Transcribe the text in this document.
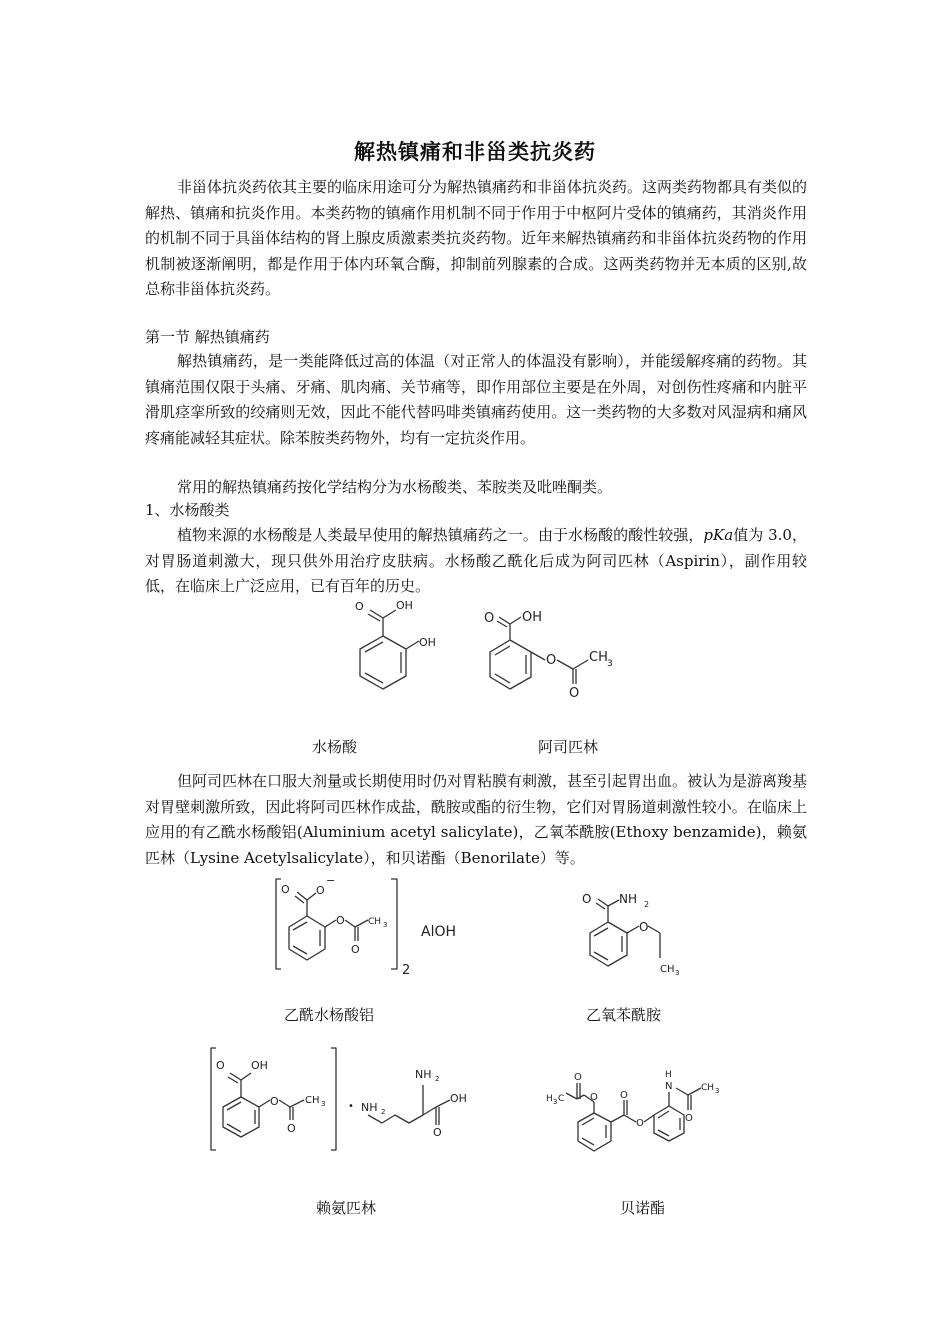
解热镇痛和非甾类抗炎药

非甾体抗炎药依其主要的临床用途可分为解热镇痛药和非甾体抗炎药。这两类药物都具有类似的解热、镇痛和抗炎作用。本类药物的镇痛作用机制不同于作用于中枢阿片受体的镇痛药，其消炎作用的机制不同于具甾体结构的肾上腺皮质激素类抗炎药物。近年来解热镇痛药和非甾体抗炎药物的作用机制被逐渐阐明，都是作用于体内环氧合酶，抑制前列腺素的合成。这两类药物并无本质的区别,故总称非甾体抗炎药。

第一节 解热镇痛药

解热镇痛药，是一类能降低过高的体温（对正常人的体温没有影响），并能缓解疼痛的药物。其镇痛范围仅限于头痛、牙痛、肌肉痛、关节痛等，即作用部位主要是在外周，对创伤性疼痛和内脏平滑肌痉挛所致的绞痛则无效，因此不能代替吗啡类镇痛药使用。这一类药物的大多数对风湿病和痛风疼痛能减轻其症状。除苯胺类药物外，均有一定抗炎作用。

常用的解热镇痛药按化学结构分为水杨酸类、苯胺类及吡唑酮类。
1、水杨酸类

植物来源的水杨酸是人类最早使用的解热镇痛药之一。由于水杨酸的酸性较强，pKa值为 3.0，对胃肠道刺激大，现只供外用治疗皮肤病。水杨酸乙酰化后成为阿司匹林（Aspirin），副作用较低，在临床上广泛应用，已有百年的历史。

O	OH
OH
O OH
O
O
CH 3
水杨酸	阿司匹林

但阿司匹林在口服大剂量或长期使用时仍对胃粘膜有刺激，甚至引起胃出血。被认为是游离羧基对胃壁刺激所致，因此将阿司匹林作成盐，酰胺或酯的衍生物，它们对胃肠道刺激性较小。在临床上应用的有乙酰水杨酸铝(Aluminium acetyl salicylate)，乙氧苯酰胺(Ethoxy benzamide)，赖氨匹林（Lysine Acetylsalicylate），和贝诺酯（Benorilate）等。

O O
−
O
O
CH 3
2
AlOH
O NH 2
O
CH 3
乙酰水杨酸铝	乙氧苯酰胺
O OH
O
O
CH 3 • NH 2
NH 2
OH
O
O
O
H 3 C	O
O
H
N
O
CH 3
赖氨匹林	贝诺酯
